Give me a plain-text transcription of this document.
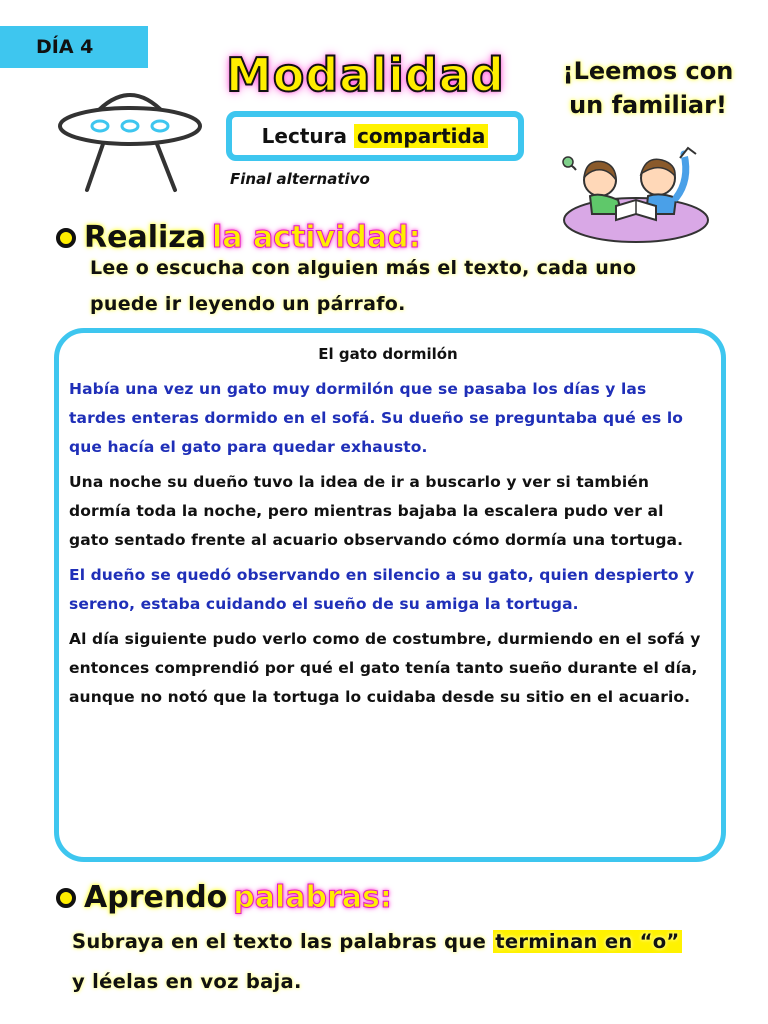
DÍA 4
Modalidad
Lectura compartida
Final alternativo
¡Leemos con
un familiar!
Realiza la actividad:
Lee o escucha con alguien más el texto, cada uno
puede ir leyendo un párrafo.
El gato dormilón

Había una vez un gato muy dormilón que se pasaba los días y las tardes enteras dormido en el sofá. Su dueño se preguntaba qué es lo que hacía el gato para quedar exhausto.

Una noche su dueño tuvo la idea de ir a buscarlo y ver si también dormía toda la noche, pero mientras bajaba la escalera pudo ver al gato sentado frente al acuario observando cómo dormía una tortuga.

El dueño se quedó observando en silencio a su gato, quien despierto y sereno, estaba cuidando el sueño de su amiga la tortuga.

Al día siguiente pudo verlo como de costumbre, durmiendo en el sofá y entonces comprendió por qué el gato tenía tanto sueño durante el día, aunque no notó que la tortuga lo cuidaba desde su sitio en el acuario.

Aprendo palabras:
Subraya en el texto las palabras que terminan en “o”
y léelas en voz baja.
